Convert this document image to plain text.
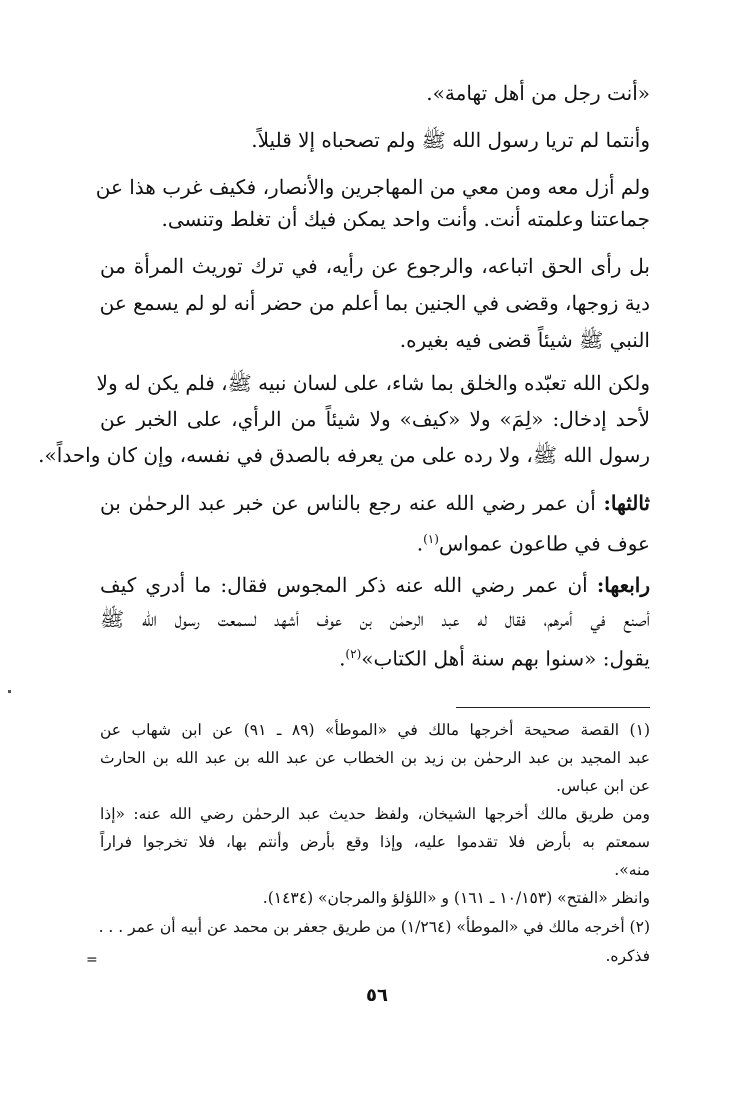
«أنت رجل من أهل تهامة».
وأنتما لم تريا رسول الله ﷺ ولم تصحباه إلا قليلاً.
ولم أزل معه ومن معي من المهاجرين والأنصار، فكيف غرب هذا عن
جماعتنا وعلمته أنت. وأنت واحد يمكن فيك أن تغلط وتنسى.
بل رأى الحق اتباعه، والرجوع عن رأيه، في ترك توريث المرأة من
دية زوجها، وقضى في الجنين بما أعلم من حضر أنه لو لم يسمع عن
النبي ﷺ شيئاً قضى فيه بغيره.
ولكن الله تعبّده والخلق بما شاء، على لسان نبيه ﷺ، فلم يكن له ولا
لأحد إدخال: «لِمَ» ولا «كيف» ولا شيئاً من الرأي، على الخبر عن
رسول الله ﷺ، ولا رده على من يعرفه بالصدق في نفسه، وإن كان واحداً».
ثالثها: أن عمر رضي الله عنه رجع بالناس عن خبر عبد الرحمٰن بن
عوف في طاعون عمواس$^{(١)}$.
رابعها: أن عمر رضي الله عنه ذكر المجوس فقال: ما أدري كيف
أصنع في أمرهم، فقال له عبد الرحمٰن بن عوف أشهد لسمعت رسول الله ﷺ
يقول: «سنوا بهم سنة أهل الكتاب»$^{(٢)}$.
(١) القصة صحيحة أخرجها مالك في «الموطأ» (٨٩ ـ ٩١) عن ابن شهاب عن
عبد المجيد بن عبد الرحمٰن بن زيد بن الخطاب عن عبد الله بن عبد الله بن الحارث
عن ابن عباس.
ومن طريق مالك أخرجها الشيخان، ولفظ حديث عبد الرحمٰن رضي الله عنه: «إذا
سمعتم به بأرض فلا تقدموا عليه، وإذا وقع بأرض وأنتم بها، فلا تخرجوا فراراً
منه».
وانظر «الفتح» (١٠/١٥٣ ـ ١٦١) و «اللؤلؤ والمرجان» (١٤٣٤).
(٢) أخرجه مالك في «الموطأ» (١/٢٦٤) من طريق جعفر بن محمد عن أبيه أن عمر . . .
فذكره.
=
٥٦
